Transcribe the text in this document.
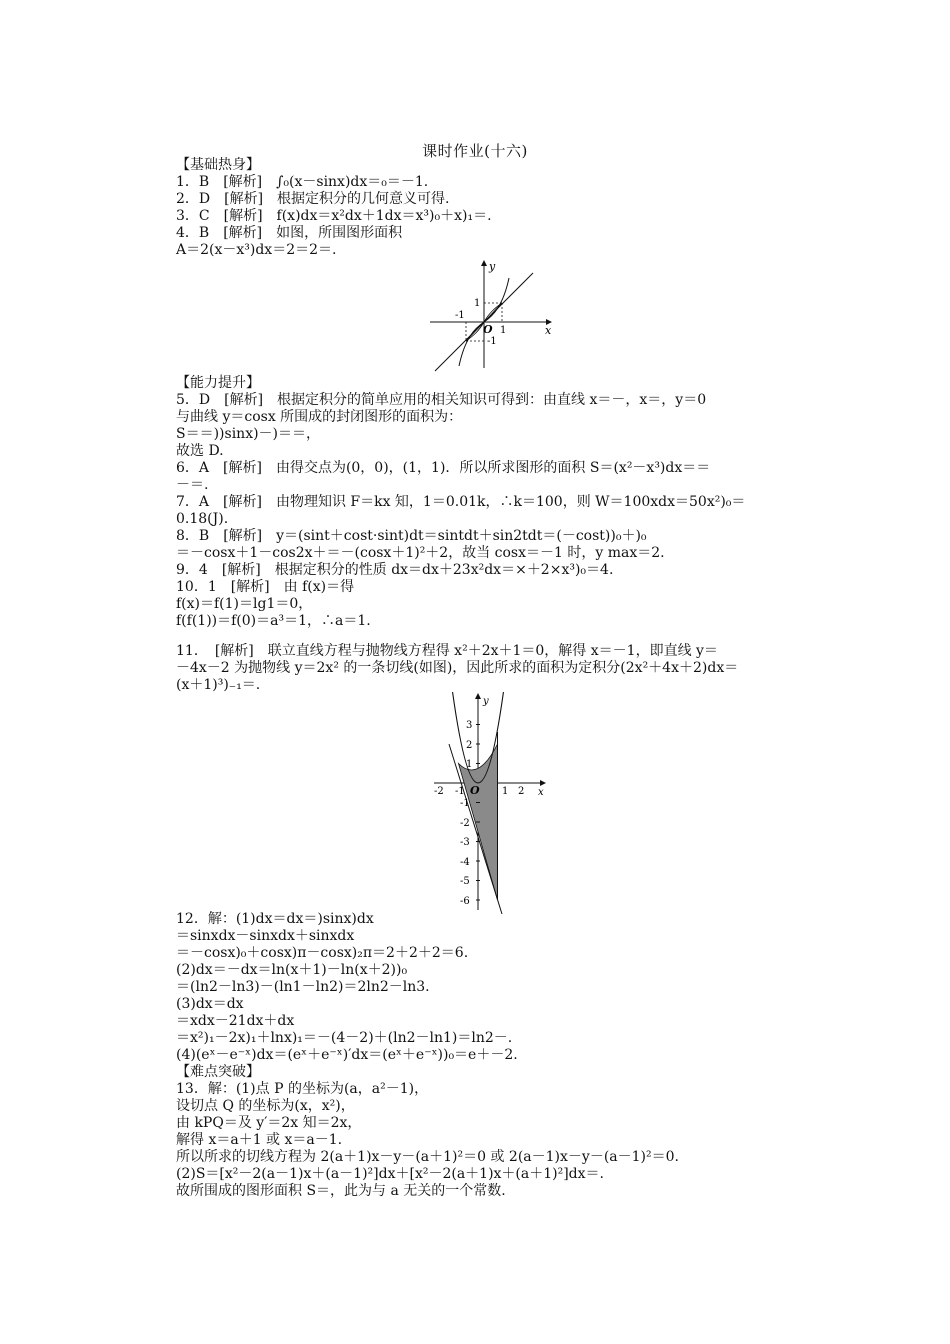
课时作业(十六)
【基础热身】
1．B　[解析]　∫₀(x－sinx)dx＝₀＝－1.
2．D　[解析]　根据定积分的几何意义可得.
3．C　[解析]　f(x)dx＝x²dx＋1dx＝x³)₀＋x)₁＝.
4．B　[解析]　如图，所围图形面积
A＝2(x－x³)dx＝2＝2＝.
y
x
O
1
-1
1
-1
【能力提升】
5．D　[解析]　根据定积分的简单应用的相关知识可得到：由直线 x＝－，x＝，y＝0
与曲线 y＝cosx 所围成的封闭图形的面积为：
S＝＝))sinx)－)＝＝，
故选 D.
6．A　[解析]　由得交点为(0，0)，(1，1)．所以所求图形的面积 S＝(x²－x³)dx＝＝
－＝.
7．A　[解析]　由物理知识 F＝kx 知，1＝0.01k，∴k＝100，则 W＝100xdx＝50x²)₀＝
0.18(J).
8．B　[解析]　y＝(sint＋cost·sint)dt＝sintdt＋sin2tdt＝(－cost))₀＋)₀
＝－cosx＋1－cos2x＋＝－(cosx＋1)²＋2，故当 cosx＝－1 时，y max＝2.
9．4　[解析]　根据定积分的性质 dx＝dx＋23x²dx＝×＋2×x³)₀＝4.
10．1　[解析]　由 f(x)＝得
f(x)＝f(1)＝lg1＝0，
f(f(1))＝f(0)＝a³＝1，∴a＝1.
11．　[解析]　联立直线方程与抛物线方程得 x²＋2x＋1＝0，解得 x＝－1，即直线 y＝
－4x－2 为抛物线 y＝2x² 的一条切线(如图)，因此所求的面积为定积分(2x²＋4x＋2)dx＝
(x＋1)³)₋₁＝.
y
x
O
-2 -1	1 2
3
2
1
-1
-2
-3
-4
-5
-6
12．解：(1)dx＝dx＝)sinx)dx
＝sinxdx－sinxdx＋sinxdx
＝－cosx)₀＋cosx)π－cosx)₂π＝2＋2＋2＝6.
(2)dx＝－dx＝ln(x＋1)－ln(x＋2))₀
＝(ln2－ln3)－(ln1－ln2)＝2ln2－ln3.
(3)dx＝dx
＝xdx－21dx＋dx
＝x²)₁－2x)₁＋lnx)₁＝－(4－2)＋(ln2－ln1)＝ln2－.
(4)(eˣ－e⁻ˣ)dx＝(eˣ＋e⁻ˣ)′dx＝(eˣ＋e⁻ˣ))₀＝e＋－2.
【难点突破】
13．解：(1)点 P 的坐标为(a，a²－1)，
设切点 Q 的坐标为(x，x²)，
由 kPQ＝及 y′＝2x 知＝2x，
解得 x＝a＋1 或 x＝a－1.
所以所求的切线方程为 2(a＋1)x－y－(a＋1)²＝0 或 2(a－1)x－y－(a－1)²＝0.
(2)S＝[x²－2(a－1)x＋(a－1)²]dx＋[x²－2(a＋1)x＋(a＋1)²]dx＝.
故所围成的图形面积 S＝，此为与 a 无关的一个常数.
